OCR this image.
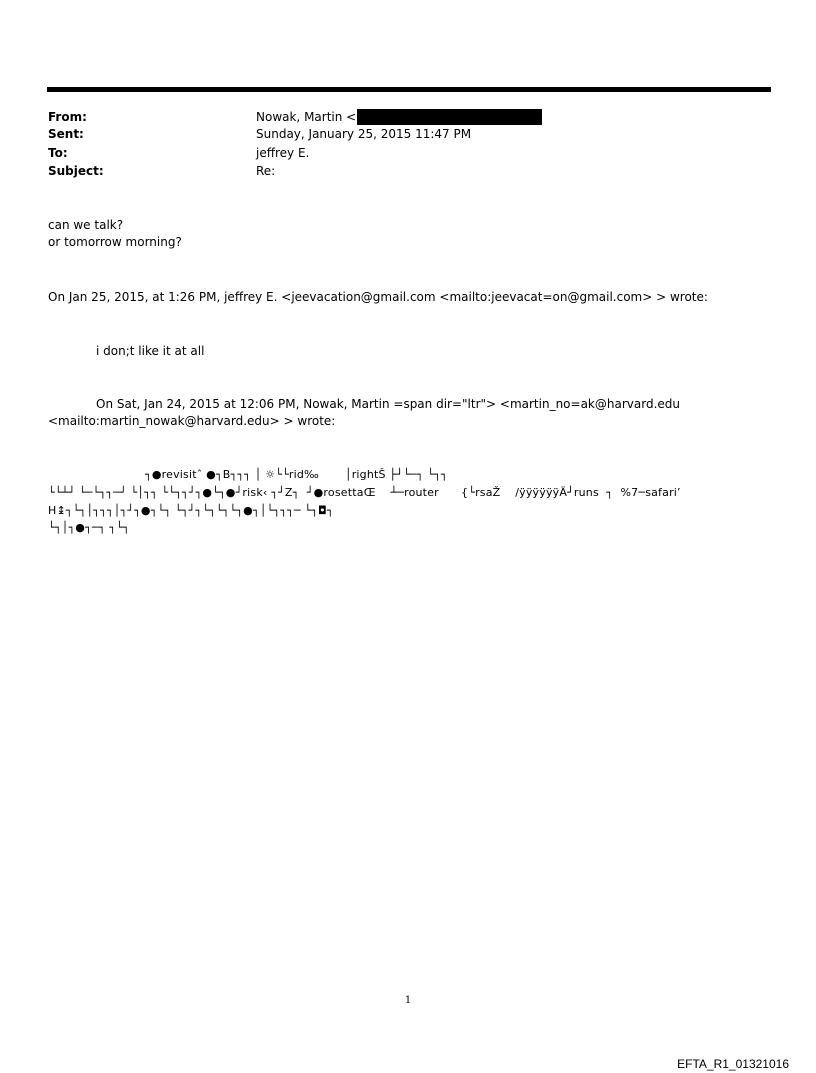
From:	Nowak, Martin <
Sent:	Sunday, January 25, 2015 11:47 PM
To:	jeffrey E.
Subject:	Re:
can we talk?
or tomorrow morning?
On Jan 25, 2015, at 1:26 PM, jeffrey E. <jeevacation@gmail.com <mailto:jeevacat=on@gmail.com> > wrote:
i don;t like it at all
On Sat, Jan 24, 2015 at 12:06 PM, Nowak, Martin =span dir="ltr"> <martin_no=ak@harvard.edu
<mailto:martin_nowak@harvard.edu> > wrote:
┐●revisitˆ ●┐B┐┐┐ │ ☼└└rid‰       │rightŠ ├┘└─┐ └┐┐
└└┴┘ └─└┐┐─┘ └│┐┐ └└┐┐┘┐●└┐●┘risk‹ ┐┘Z┐  ┘●rosettaŒ    ┴─router      {└rsaŽ    /ÿÿÿÿÿÿÄ┘runs  ┐  %7─safari’
H↨┐└┐│┐┐┐│┐┘┐●┐└┐ └┐┘┐└┐└┐└┐●┐│└┐┐┐─ └┐◘┐
└┐│┐●┐─┐ ┐└┐
1
EFTA_R1_01321016
